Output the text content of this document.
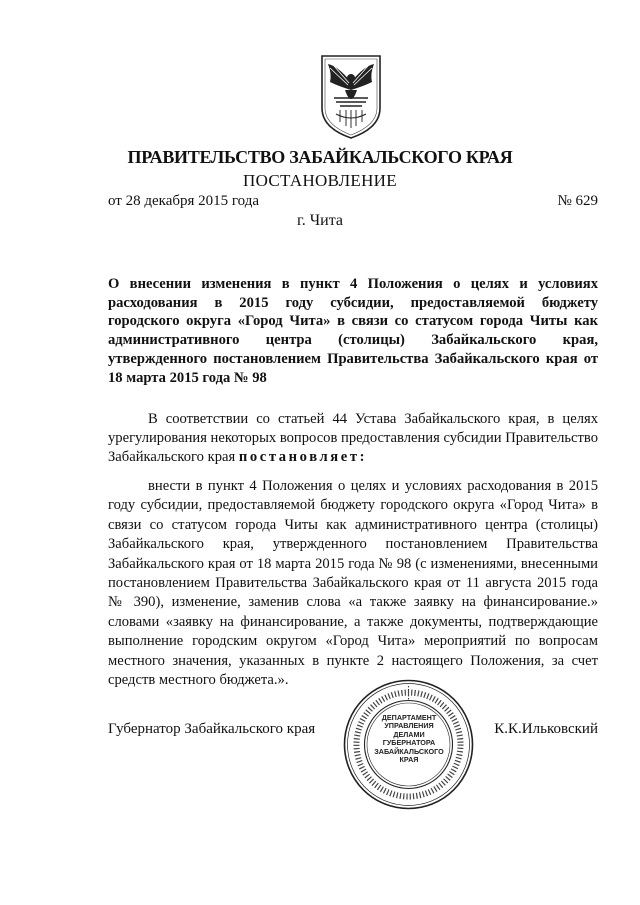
ПРАВИТЕЛЬСТВО ЗАБАЙКАЛЬСКОГО КРАЯ
ПОСТАНОВЛЕНИЕ
от 28 декабря 2015 года	№ 629
г. Чита
О внесении изменения в пункт 4 Положения о целях и условиях
расходования в 2015 году субсидии, предоставляемой бюджету
городского округа «Город Чита» в связи со статусом города Читы как
административного центра (столицы) Забайкальского края,
утвержденного постановлением Правительства Забайкальского края от
18 марта 2015 года № 98

В соответствии со статьей 44 Устава Забайкальского края, в целях урегулирования некоторых вопросов предоставления субсидии Правительство Забайкальского края постановляет:

внести в пункт 4 Положения о целях и условиях расходования в 2015 году субсидии, предоставляемой бюджету городского округа «Город Чита» в связи со статусом города Читы как административного центра (столицы) Забайкальского края, утвержденного постановлением Правительства Забайкальского края от 18 марта 2015 года № 98 (с изменениями, внесенными постановлением Правительства Забайкальского края от 11 августа 2015 года № 390), изменение, заменив слова «а также заявку на финансирование.» словами «заявку на финансирование, а также документы, подтверждающие выполнение городским округом «Город Чита» мероприятий по вопросам местного значения, указанных в пункте 2 настоящего Положения, за счет средств местного бюджета.».

Губернатор Забайкальского края	К.К.Ильковский
ДЕПАРТАМЕНТ
УПРАВЛЕНИЯ
ДЕЛАМИ
ГУБЕРНАТОРА
ЗАБАЙКАЛЬСКОГО
КРАЯ
